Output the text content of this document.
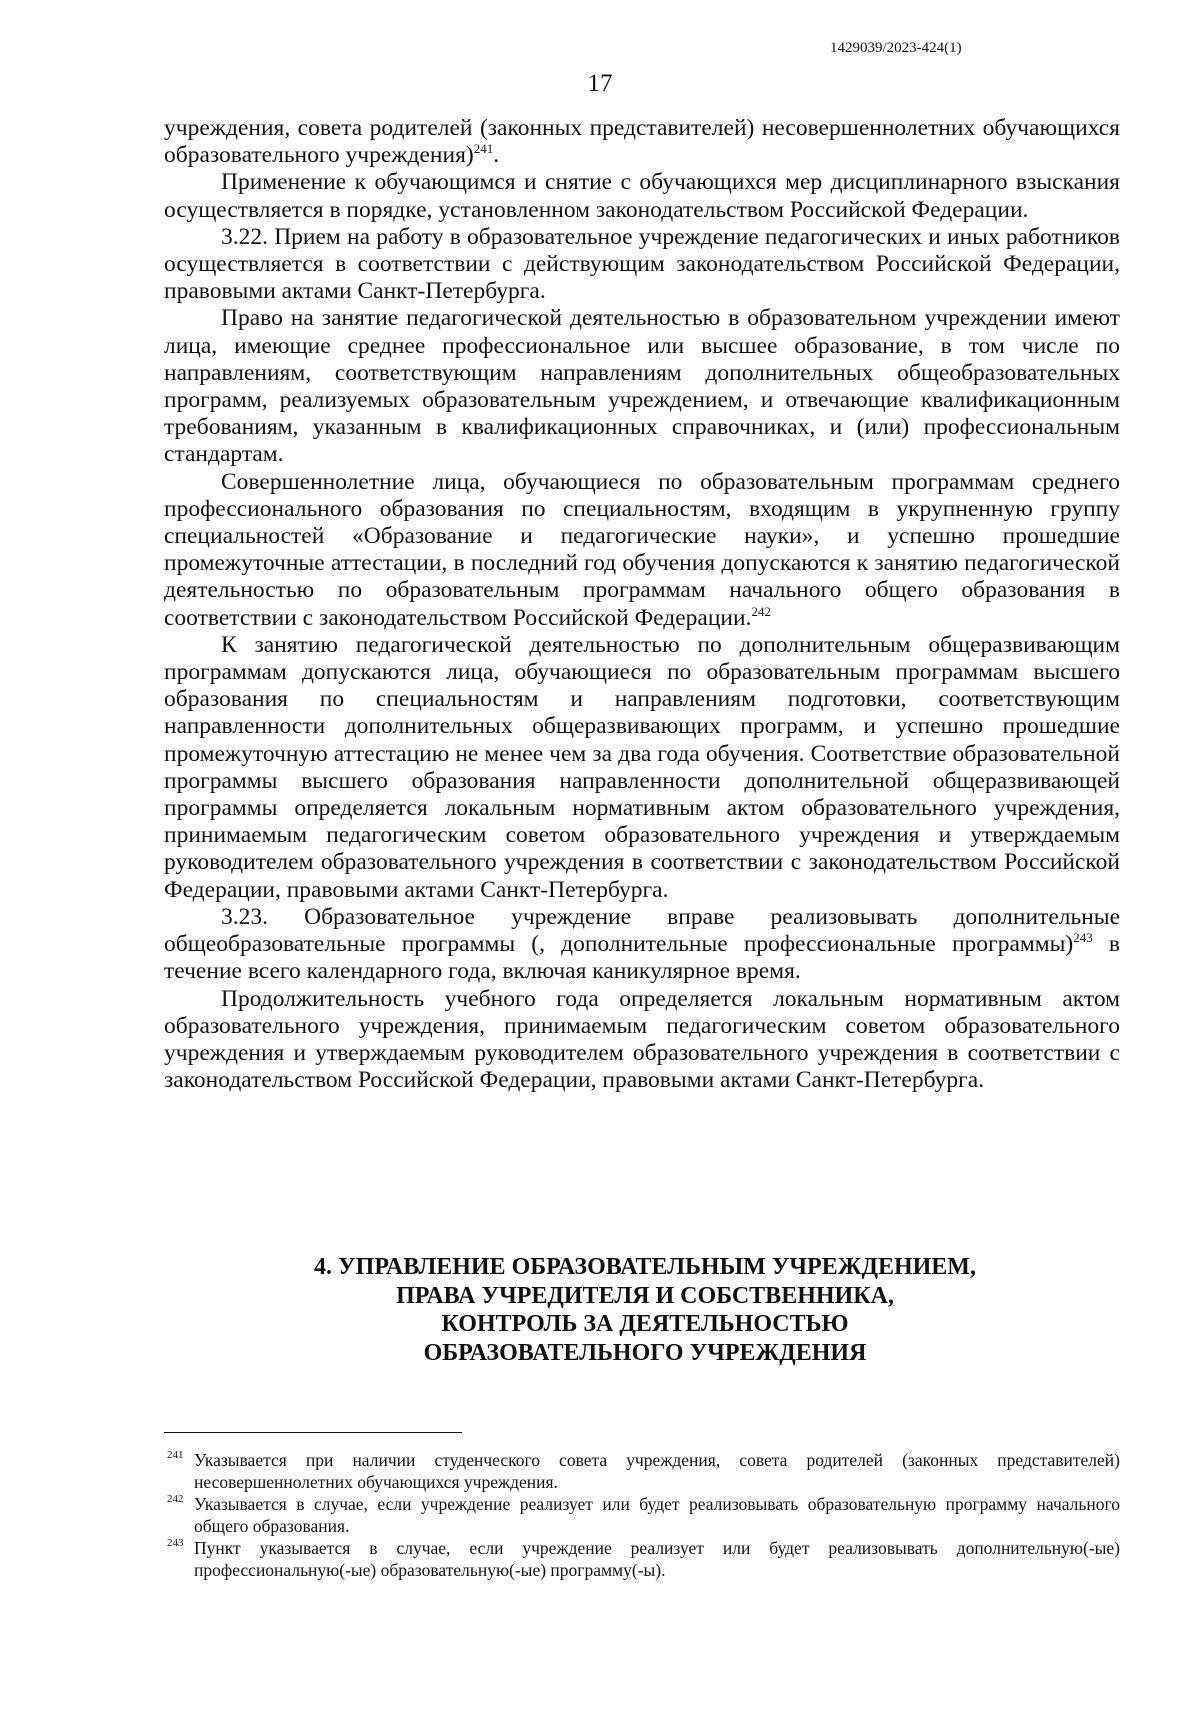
1429039/2023-424(1)
17

учреждения, совета родителей (законных представителей) несовершеннолетних обучающихся образовательного учреждения)$^{241}$.

Применение к обучающимся и снятие с обучающихся мер дисциплинарного взыскания осуществляется в порядке, установленном законодательством Российской Федерации.

3.22. Прием на работу в образовательное учреждение педагогических и иных работников осуществляется в соответствии с действующим законодательством Российской Федерации, правовыми актами Санкт-Петербурга.

Право на занятие педагогической деятельностью в образовательном учреждении имеют лица, имеющие среднее профессиональное или высшее образование, в том числе по направлениям, соответствующим направлениям дополнительных общеобразовательных программ, реализуемых образовательным учреждением, и отвечающие квалификационным требованиям, указанным в квалификационных справочниках, и (или) профессиональным стандартам.

Совершеннолетние лица, обучающиеся по образовательным программам среднего профессионального образования по специальностям, входящим в укрупненную группу специальностей «Образование и педагогические науки», и успешно прошедшие промежуточные аттестации, в последний год обучения допускаются к занятию педагогической деятельностью по образовательным программам начального общего образования в соответствии с законодательством Российской Федерации.$^{242}$

К занятию педагогической деятельностью по дополнительным общеразвивающим программам допускаются лица, обучающиеся по образовательным программам высшего образования по специальностям и направлениям подготовки, соответствующим направленности дополнительных общеразвивающих программ, и успешно прошедшие промежуточную аттестацию не менее чем за два года обучения. Соответствие образовательной программы высшего образования направленности дополнительной общеразвивающей программы определяется локальным нормативным актом образовательного учреждения, принимаемым педагогическим советом образовательного учреждения и утверждаемым руководителем образовательного учреждения в соответствии с законодательством Российской Федерации, правовыми актами Санкт-Петербурга.

3.23. Образовательное учреждение вправе реализовывать дополнительные общеобразовательные программы (, дополнительные профессиональные программы)$^{243}$ в течение всего календарного года, включая каникулярное время.

Продолжительность учебного года определяется локальным нормативным актом образовательного учреждения, принимаемым педагогическим советом образовательного учреждения и утверждаемым руководителем образовательного учреждения в соответствии с законодательством Российской Федерации, правовыми актами Санкт-Петербурга.

4. УПРАВЛЕНИЕ ОБРАЗОВАТЕЛЬНЫМ УЧРЕЖДЕНИЕМ,
ПРАВА УЧРЕДИТЕЛЯ И СОБСТВЕННИКА,
КОНТРОЛЬ ЗА ДЕЯТЕЛЬНОСТЬЮ
ОБРАЗОВАТЕЛЬНОГО УЧРЕЖДЕНИЯ

241 Указывается при наличии студенческого совета учреждения, совета родителей (законных представителей) несовершеннолетних обучающихся учреждения.

242 Указывается в случае, если учреждение реализует или будет реализовывать образовательную программу начального общего образования.

243 Пункт указывается в случае, если учреждение реализует или будет реализовывать дополнительную(-ые) профессиональную(-ые) образовательную(-ые) программу(-ы).
